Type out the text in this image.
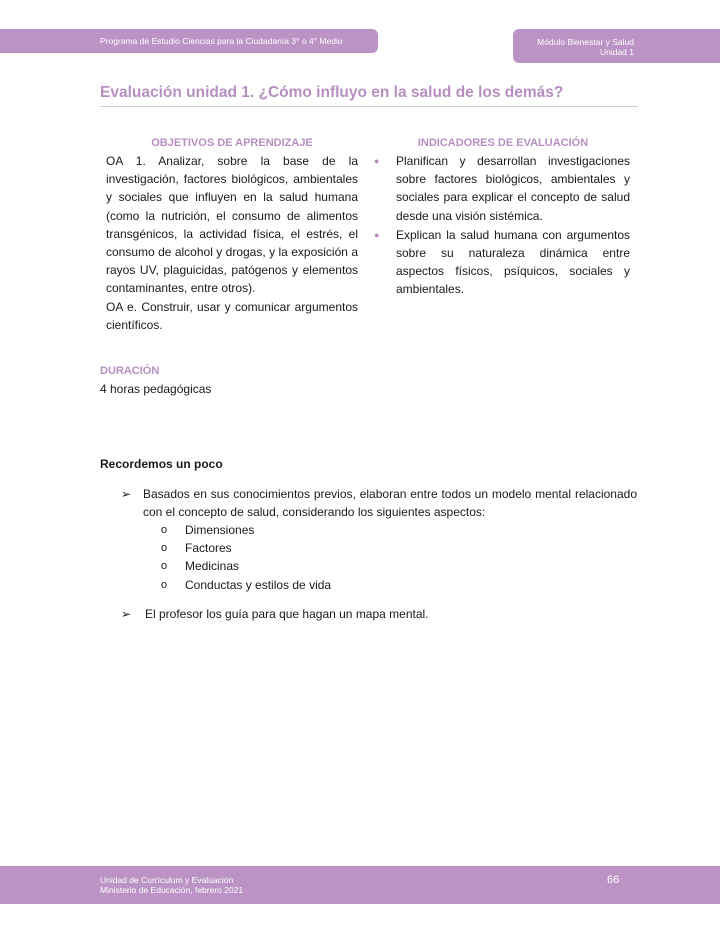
Programa de Estudio Ciencias para la Ciudadanía 3° o 4° Medio	Módulo Bienestar y Salud
Unidad 1
Evaluación unidad 1. ¿Cómo influyo en la salud de los demás?
OBJETIVOS DE APRENDIZAJE	INDICADORES DE EVALUACIÓN

OA 1. Analizar, sobre la base de la investigación, factores biológicos, ambientales y sociales que influyen en la salud humana (como la nutrición, el consumo de alimentos transgénicos, la actividad física, el estrés, el consumo de alcohol y drogas, y la exposición a rayos UV, plaguicidas, patógenos y elementos contaminantes, entre otros).

OA e. Construir, usar y comunicar argumentos científicos.

● Planifican y desarrollan investigaciones sobre factores biológicos, ambientales y sociales para explicar el concepto de salud desde una visión sistémica.
● Explican la salud humana con argumentos sobre su naturaleza dinámica entre aspectos físicos, psíquicos, sociales y ambientales.
DURACIÓN
4 horas pedagógicas
Recordemos un poco
➢ Basados en sus conocimientos previos, elaboran entre todos un modelo mental relacionado con el concepto de salud, considerando los siguientes aspectos:
o Dimensiones
o Factores
o Medicinas
o Conductas y estilos de vida
➢ El profesor los guía para que hagan un mapa mental.
Unidad de Currículum y Evaluación
Ministerio de Educación, febrero 2021
66
